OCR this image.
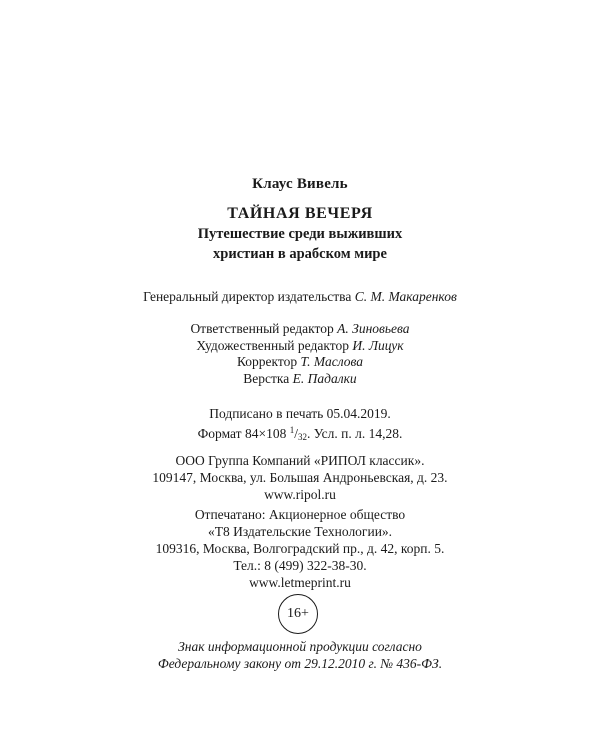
Клаус Вивель
ТАЙНАЯ ВЕЧЕРЯ
Путешествие среди выживших
христиан в арабском мире
Генеральный директор издательства С. М. Макаренков
Ответственный редактор А. Зиновьева
Художественный редактор И. Лицук
Корректор Т. Маслова
Верстка Е. Падалки
Подписано в печать 05.04.2019.
Формат 84×108 $^1$/32. Усл. п. л. 14,28.
ООО Группа Компаний «РИПОЛ классик».
109147, Москва, ул. Большая Андроньевская, д. 23.
www.ripol.ru
Отпечатано: Акционерное общество
«Т8 Издательские Технологии».
109316, Москва, Волгоградский пр., д. 42, корп. 5.
Тел.: 8 (499) 322-38-30.
www.letmeprint.ru
16+
Знак информационной продукции согласно
Федеральному закону от 29.12.2010 г. № 436-ФЗ.
